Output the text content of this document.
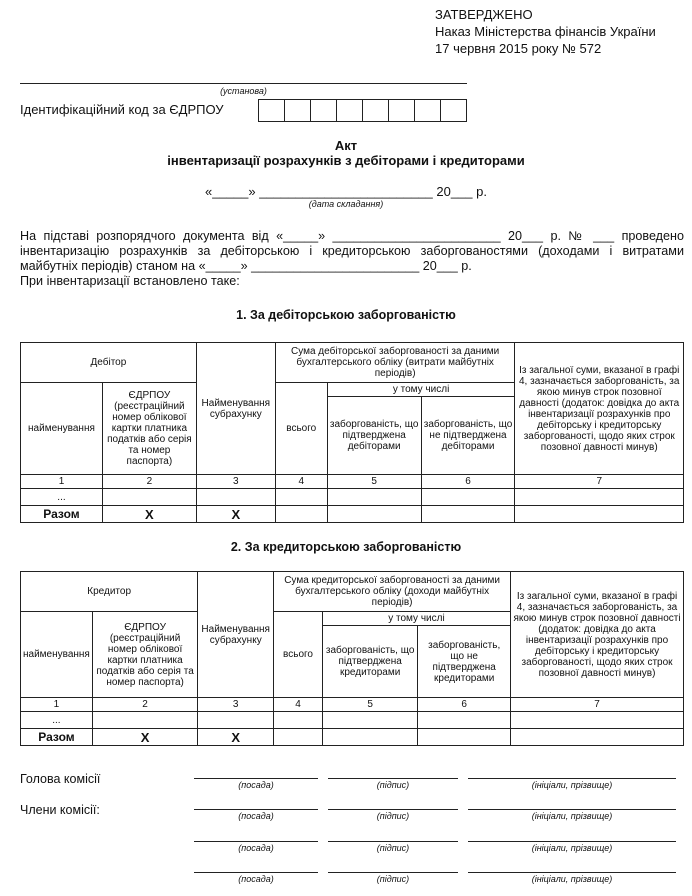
ЗАТВЕРДЖЕНО
Наказ Міністерства фінансів України
17 червня 2015 року № 572
(установа)
Ідентифікаційний код за ЄДРПОУ
Акт
інвентаризації розрахунків з дебіторами і кредиторами
«_____» ________________________ 20___ р.
(дата складання)
На підставі розпорядчого документа від «_____» ________________________ 20___ р. № ___ проведено
інвентаризацію розрахунків за дебіторською і кредиторською заборгованостями (доходами і витратами
майбутніх періодів) станом на «_____» ________________________ 20___ р.
При інвентаризації встановлено таке:
1. За дебіторською заборгованістю
Дебітор		Найменування субрахунку	Сума дебіторської заборгованості за даними бухгалтерського обліку (витрати майбутніх періодів)			Із загальної суми, вказаної в графі 4, зазначається заборгованість, за якою минув строк позовної давності (додаток: довідка до акта інвентаризації розрахунків про дебіторську і кредиторську заборгованості, щодо яких строк позовної давності минув)
найменування	ЄДРПОУ (реєстраційний номер облікової картки платника податків або серія та номер паспорта)		всього	у тому числі		
				заборгованість, що підтверджена дебіторами	заборгованість, що не підтверджена дебіторами	
1	2	3	4	5	6	7
...						
Разом	Х	Х				
2. За кредиторською заборгованістю
Кредитор		Найменування субрахунку	Сума кредиторської заборгованості за даними бухгалтерського обліку (доходи майбутніх періодів)			Із загальної суми, вказаної в графі 4, зазначається заборгованість, за якою минув строк позовної давності (додаток: довідка до акта інвентаризації розрахунків про дебіторську і кредиторську заборгованості, щодо яких строк позовної давності минув)
найменування	ЄДРПОУ (реєстраційний номер облікової картки платника податків або серія та номер паспорта)		всього	у тому числі		
				заборгованість, що підтверджена кредиторами	заборгованість, що не підтверджена кредиторами	
1	2	3	4	5	6	7
...						
Разом	Х	Х				
Голова комісії
Члени комісії:
(посада)	(підпис)	(ініціали, прізвище)
(посада)	(підпис)	(ініціали, прізвище)
(посада)	(підпис)	(ініціали, прізвище)
(посада)	(підпис)	(ініціали, прізвище)
